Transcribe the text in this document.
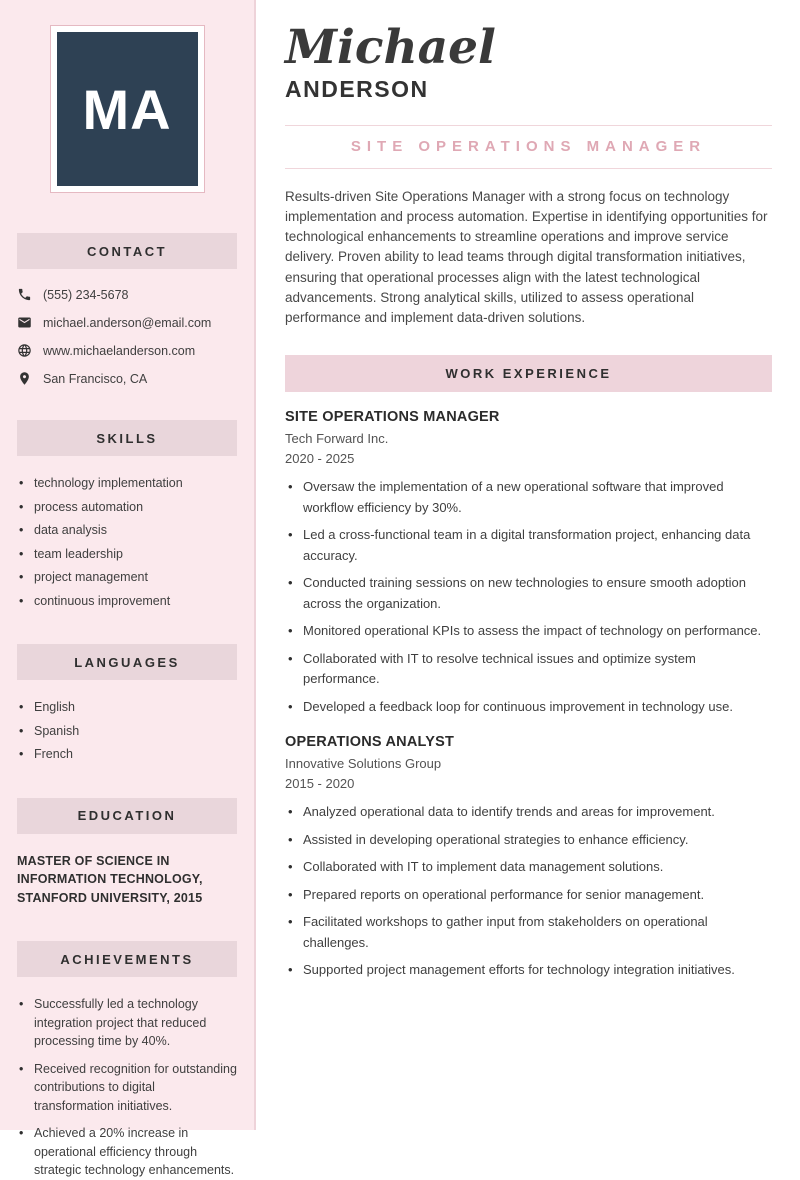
MA
CONTACT
(555) 234-5678
michael.anderson@email.com
www.michaelanderson.com
San Francisco, CA
SKILLS
• technology implementation
• process automation
• data analysis
• team leadership
• project management
• continuous improvement
LANGUAGES
• English
• Spanish
• French
EDUCATION

MASTER OF SCIENCE IN INFORMATION TECHNOLOGY, STANFORD UNIVERSITY, 2015

ACHIEVEMENTS
• Successfully led a technology integration project that reduced processing time by 40%.
• Received recognition for outstanding contributions to digital transformation initiatives.
• Achieved a 20% increase in operational efficiency through strategic technology enhancements.
Michael
ANDERSON
SITE OPERATIONS MANAGER

Results-driven Site Operations Manager with a strong focus on technology implementation and process automation. Expertise in identifying opportunities for technological enhancements to streamline operations and improve service delivery. Proven ability to lead teams through digital transformation initiatives, ensuring that operational processes align with the latest technological advancements. Strong analytical skills, utilized to assess operational performance and implement data-driven solutions.

WORK EXPERIENCE
SITE OPERATIONS MANAGER
Tech Forward Inc.
2020 - 2025
• Oversaw the implementation of a new operational software that improved workflow efficiency by 30%.
• Led a cross-functional team in a digital transformation project, enhancing data accuracy.
• Conducted training sessions on new technologies to ensure smooth adoption across the organization.
• Monitored operational KPIs to assess the impact of technology on performance.
• Collaborated with IT to resolve technical issues and optimize system performance.
• Developed a feedback loop for continuous improvement in technology use.
OPERATIONS ANALYST
Innovative Solutions Group
2015 - 2020
• Analyzed operational data to identify trends and areas for improvement.
• Assisted in developing operational strategies to enhance efficiency.
• Collaborated with IT to implement data management solutions.
• Prepared reports on operational performance for senior management.
• Facilitated workshops to gather input from stakeholders on operational challenges.
• Supported project management efforts for technology integration initiatives.
